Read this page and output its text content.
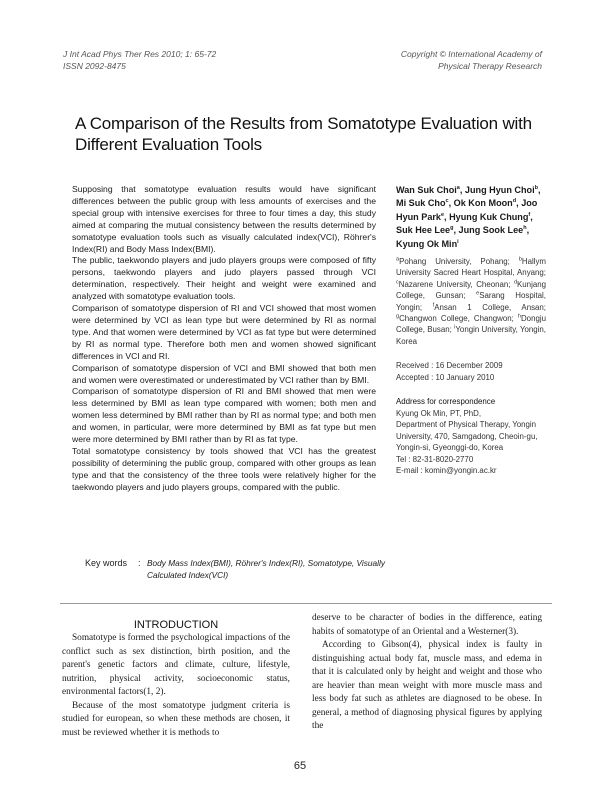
J Int Acad Phys Ther Res 2010; 1: 65-72
ISSN 2092-8475
Copyright © International Academy of
Physical Therapy Research
A Comparison of the Results from Somatotype Evaluation with Different Evaluation Tools

Supposing that somatotype evaluation results would have significant differences between the public group with less amounts of exercises and the special group with intensive exercises for three to four times a day, this study aimed at comparing the mutual consistency between the results determined by somatotype evaluation tools such as visually calculated index(VCI), Röhrer's Index(RI) and Body Mass Index(BMI).

The public, taekwondo players and judo players groups were composed of fifty persons, taekwondo players and judo players passed through VCI determination, respectively. Their height and weight were examined and analyzed with somatotype evaluation tools.

Comparison of somatotype dispersion of RI and VCI showed that most women were determined by VCI as lean type but were determined by RI as normal type. And that women were determined by VCI as fat type but were determined by RI as normal type. Therefore both men and women showed significant differences in VCI and RI.

Comparison of somatotype dispersion of VCI and BMI showed that both men and women were overestimated or underestimated by VCI rather than by BMI.

Comparison of somatotype dispersion of RI and BMI showed that men were less determined by BMI as lean type compared with women; both men and women less determined by BMI rather than by RI as normal type; and both men and women, in particular, were more determined by BMI as fat type but men were more determined by BMI rather than by RI as fat type.

Total somatotype consistency by tools showed that VCI has the greatest possibility of determining the public group, compared with other groups as lean type and that the consistency of the three tools were relatively higher for the taekwondo players and judo players groups, compared with the public.

Wan Suk Choi$^a$, Jung Hyun Choi$^b$, Mi Suk Cho$^c$, Ok Kon Moon$^d$, Joo Hyun Park$^e$, Hyung Kuk Chung$^f$, Suk Hee Lee$^g$, Jung Sook Lee$^h$, Kyung Ok Min$^i$

$^a$Pohang University, Pohang; $^b$Hallym University Sacred Heart Hospital, Anyang; $^c$Nazarene University, Cheonan; $^d$Kunjang College, Gunsan; $^e$Sarang Hospital, Yongin; $^f$Ansan 1 College, Ansan; $^g$Changwon College, Changwon; $^h$Dongju College, Busan; $^i$Yongin University, Yongin, Korea

Received : 16 December 2009
Accepted : 10 January 2010
Address for correspondence
Kyung Ok Min, PT, PhD,
Department of Physical Therapy, Yongin University, 470, Samgadong, Cheoin-gu, Yongin-si, Gyeonggi-do, Korea
Tel : 82-31-8020-2770
E-mail : komin@yongin.ac.kr
Key words	: Body Mass Index(BMI), Röhrer's Index(RI), Somatotype, Visually Calculated Index(VCI)

INTRODUCTION

Somatotype is formed the psychological impactions of the conflict such as sex distinction, birth position, and the parent's genetic factors and climate, culture, lifestyle, nutrition, physical activity, socioeconomic status, environmental factors(1, 2).

Because of the most somatotype judgment criteria is studied for european, so when these methods are chosen, it must be reviewed whether it is methods to

deserve to be character of bodies in the difference, eating habits of somatotype of an Oriental and a Westerner(3).

According to Gibson(4), physical index is faulty in distinguishing actual body fat, muscle mass, and edema in that it is calculated only by height and weight and those who are heavier than mean weight with more muscle mass and less body fat such as athletes are diagnosed to be obese. In general, a method of diagnosing physical figures by applying the

65
